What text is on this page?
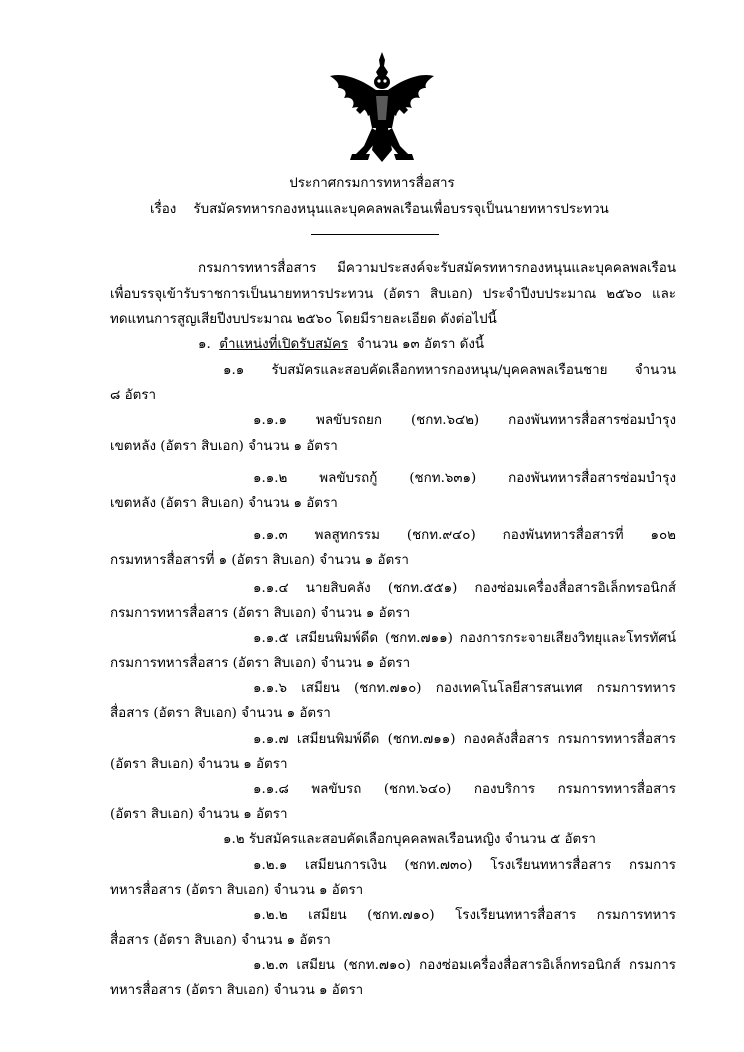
ประกาศกรมการทหารสื่อสาร
เรื่อง รับสมัครทหารกองหนุนและบุคคลพลเรือนเพื่อบรรจุเป็นนายทหารประทวน
กรมการทหารสื่อสาร มีความประสงค์จะรับสมัครทหารกองหนุนและบุคคลพลเรือน
เพื่อบรรจุเข้ารับราชการเป็นนายทหารประทวน (อัตรา สิบเอก) ประจำปีงบประมาณ ๒๕๖๐ และ
ทดแทนการสูญเสียปีงบประมาณ ๒๕๖๐ โดยมีรายละเอียด ดังต่อไปนี้
๑. ตำแหน่งที่เปิดรับสมัคร จำนวน ๑๓ อัตรา ดังนี้
๑.๑ รับสมัครและสอบคัดเลือกทหารกองหนุน/บุคคลพลเรือนชาย จำนวน
๘ อัตรา
๑.๑.๑ พลขับรถยก (ชกท.๖๔๒) กองพันทหารสื่อสารซ่อมบำรุง
เขตหลัง (อัตรา สิบเอก) จำนวน ๑ อัตรา
๑.๑.๒ พลขับรถกู้ (ชกท.๖๓๑) กองพันทหารสื่อสารซ่อมบำรุง
เขตหลัง (อัตรา สิบเอก) จำนวน ๑ อัตรา
๑.๑.๓ พลสูทกรรม (ชกท.๙๔๐) กองพันทหารสื่อสารที่ ๑๐๒
กรมทหารสื่อสารที่ ๑ (อัตรา สิบเอก) จำนวน ๑ อัตรา
๑.๑.๔ นายสิบคลัง (ชกท.๕๕๑) กองซ่อมเครื่องสื่อสารอิเล็กทรอนิกส์
กรมการทหารสื่อสาร (อัตรา สิบเอก) จำนวน ๑ อัตรา
๑.๑.๕ เสมียนพิมพ์ดีด (ชกท.๗๑๑) กองการกระจายเสียงวิทยุและโทรทัศน์
กรมการทหารสื่อสาร (อัตรา สิบเอก) จำนวน ๑ อัตรา
๑.๑.๖ เสมียน (ชกท.๗๑๐) กองเทคโนโลยีสารสนเทศ กรมการทหาร
สื่อสาร (อัตรา สิบเอก) จำนวน ๑ อัตรา
๑.๑.๗ เสมียนพิมพ์ดีด (ชกท.๗๑๑) กองคลังสื่อสาร กรมการทหารสื่อสาร
(อัตรา สิบเอก) จำนวน ๑ อัตรา
๑.๑.๘ พลขับรถ (ชกท.๖๔๐) กองบริการ กรมการทหารสื่อสาร
(อัตรา สิบเอก) จำนวน ๑ อัตรา
๑.๒ รับสมัครและสอบคัดเลือกบุคคลพลเรือนหญิง จำนวน ๕ อัตรา
๑.๒.๑ เสมียนการเงิน (ชกท.๗๓๐) โรงเรียนทหารสื่อสาร กรมการ
ทหารสื่อสาร (อัตรา สิบเอก) จำนวน ๑ อัตรา
๑.๒.๒ เสมียน (ชกท.๗๑๐) โรงเรียนทหารสื่อสาร กรมการทหาร
สื่อสาร (อัตรา สิบเอก) จำนวน ๑ อัตรา
๑.๒.๓ เสมียน (ชกท.๗๑๐) กองซ่อมเครื่องสื่อสารอิเล็กทรอนิกส์ กรมการ
ทหารสื่อสาร (อัตรา สิบเอก) จำนวน ๑ อัตรา
